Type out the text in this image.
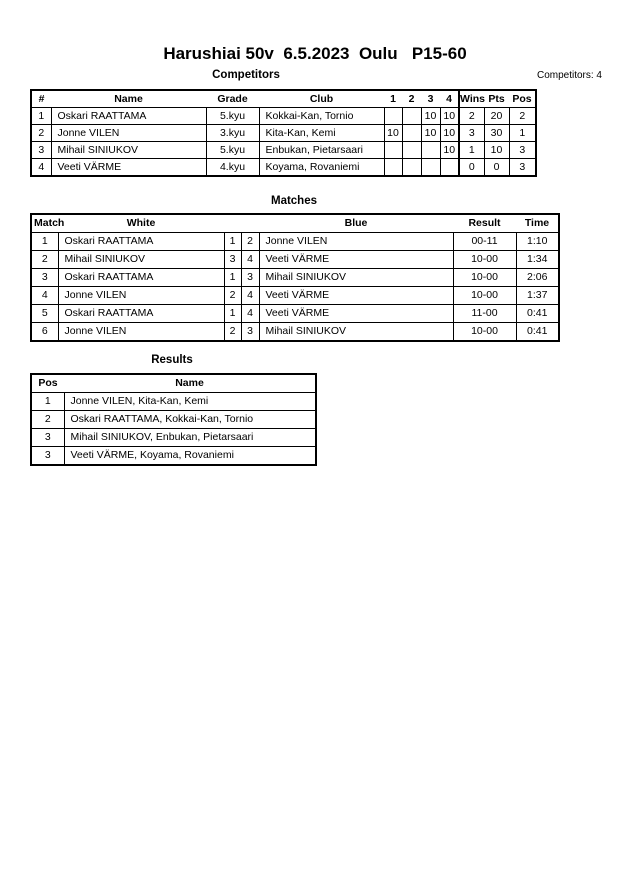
Harushiai 50v  6.5.2023  Oulu   P15-60
Competitors	Competitors: 4
#	Name	Grade	Club	1	2	3	4	Wins	Pts	Pos
1	Oskari RAATTAMA	5.kyu	Kokkai-Kan, Tornio			10	10	2	20	2
2	Jonne VILEN	3.kyu	Kita-Kan, Kemi	10		10	10	3	30	1
3	Mihail SINIUKOV	5.kyu	Enbukan, Pietarsaari				10	1	10	3
4	Veeti VÄRME	4.kyu	Koyama, Rovaniemi					0	0	3
Matches
Match	White			Blue	Result	Time
1	Oskari RAATTAMA	1	2	Jonne VILEN	00-11	1:10
2	Mihail SINIUKOV	3	4	Veeti VÄRME	10-00	1:34
3	Oskari RAATTAMA	1	3	Mihail SINIUKOV	10-00	2:06
4	Jonne VILEN	2	4	Veeti VÄRME	10-00	1:37
5	Oskari RAATTAMA	1	4	Veeti VÄRME	11-00	0:41
6	Jonne VILEN	2	3	Mihail SINIUKOV	10-00	0:41
Results
Pos	Name
1	Jonne VILEN, Kita-Kan, Kemi
2	Oskari RAATTAMA, Kokkai-Kan, Tornio
3	Mihail SINIUKOV, Enbukan, Pietarsaari
3	Veeti VÄRME, Koyama, Rovaniemi
